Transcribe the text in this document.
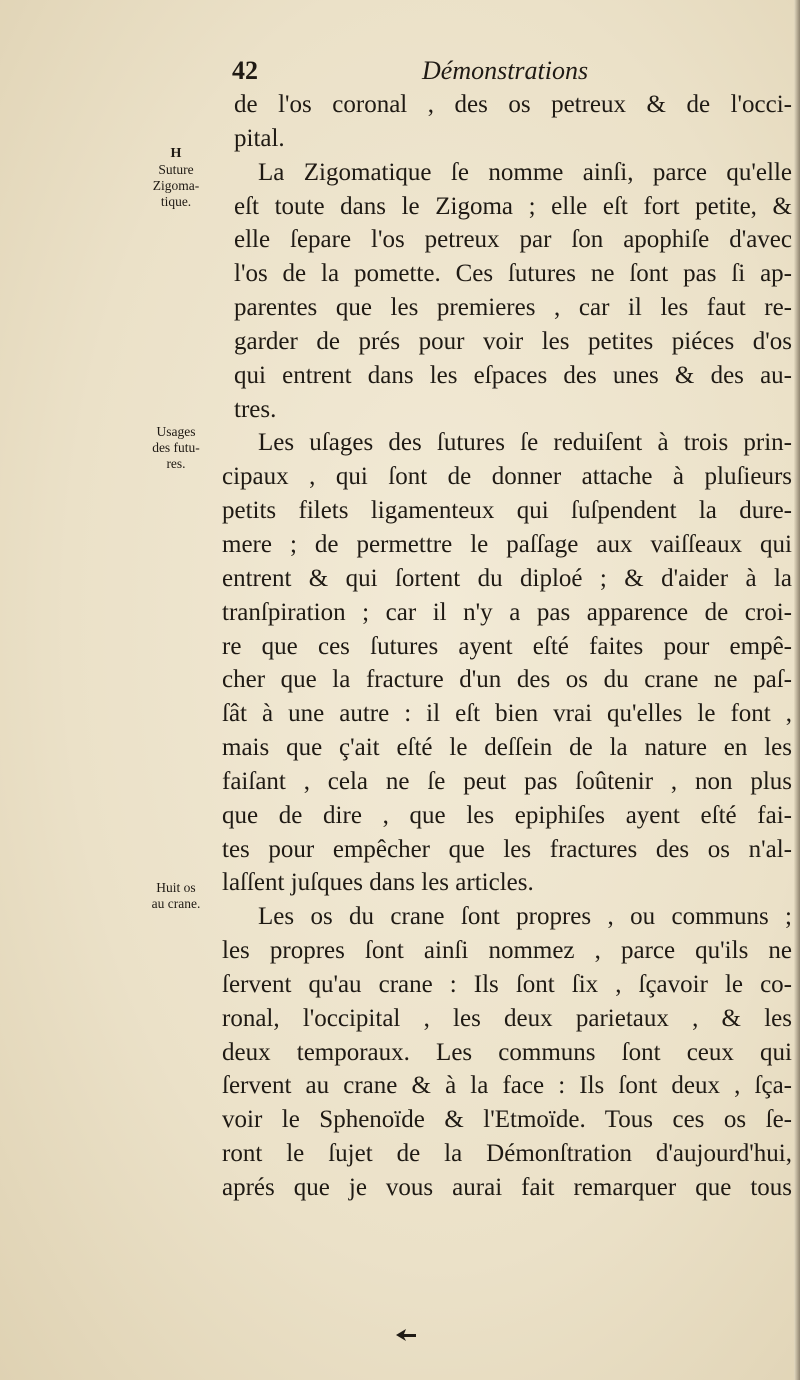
42	Démonstrations
H
Suture
Zigoma-
tique.
Usages
des futu-
res.
Huit os
au crane.
de l'os coronal , des os petreux & de l'occi-
pital.
La Zigomatique ſe nomme ainſi, parce qu'elle
eſt toute dans le Zigoma ; elle eſt fort petite, &
elle ſepare l'os petreux par ſon apophiſe d'avec
l'os de la pomette. Ces ſutures ne ſont pas ſi ap-
parentes que les premieres , car il les faut re-
garder de prés pour voir les petites piéces d'os
qui entrent dans les eſpaces des unes & des au-
tres.
Les uſages des ſutures ſe reduiſent à trois prin-
cipaux , qui ſont de donner attache à pluſieurs
petits filets ligamenteux qui ſuſpendent la dure-
mere ; de permettre le paſſage aux vaiſſeaux qui
entrent & qui ſortent du diploé ; & d'aider à la
tranſpiration ; car il n'y a pas apparence de croi-
re que ces ſutures ayent eſté faites pour empê-
cher que la fracture d'un des os du crane ne paſ-
ſât à une autre : il eſt bien vrai qu'elles le font ,
mais que ç'ait eſté le deſſein de la nature en les
faiſant , cela ne ſe peut pas ſoûtenir , non plus
que de dire , que les epiphiſes ayent eſté fai-
tes pour empêcher que les fractures des os n'al-
laſſent juſques dans les articles.
Les os du crane ſont propres , ou communs ;
les propres ſont ainſi nommez , parce qu'ils ne
ſervent qu'au crane : Ils ſont ſix , ſçavoir le co-
ronal, l'occipital , les deux parietaux , & les
deux temporaux. Les communs ſont ceux qui
ſervent au crane & à la face : Ils ſont deux , ſça-
voir le Sphenoïde & l'Etmoïde. Tous ces os ſe-
ront le ſujet de la Démonſtration d'aujourd'hui,
aprés que je vous aurai fait remarquer que tous
